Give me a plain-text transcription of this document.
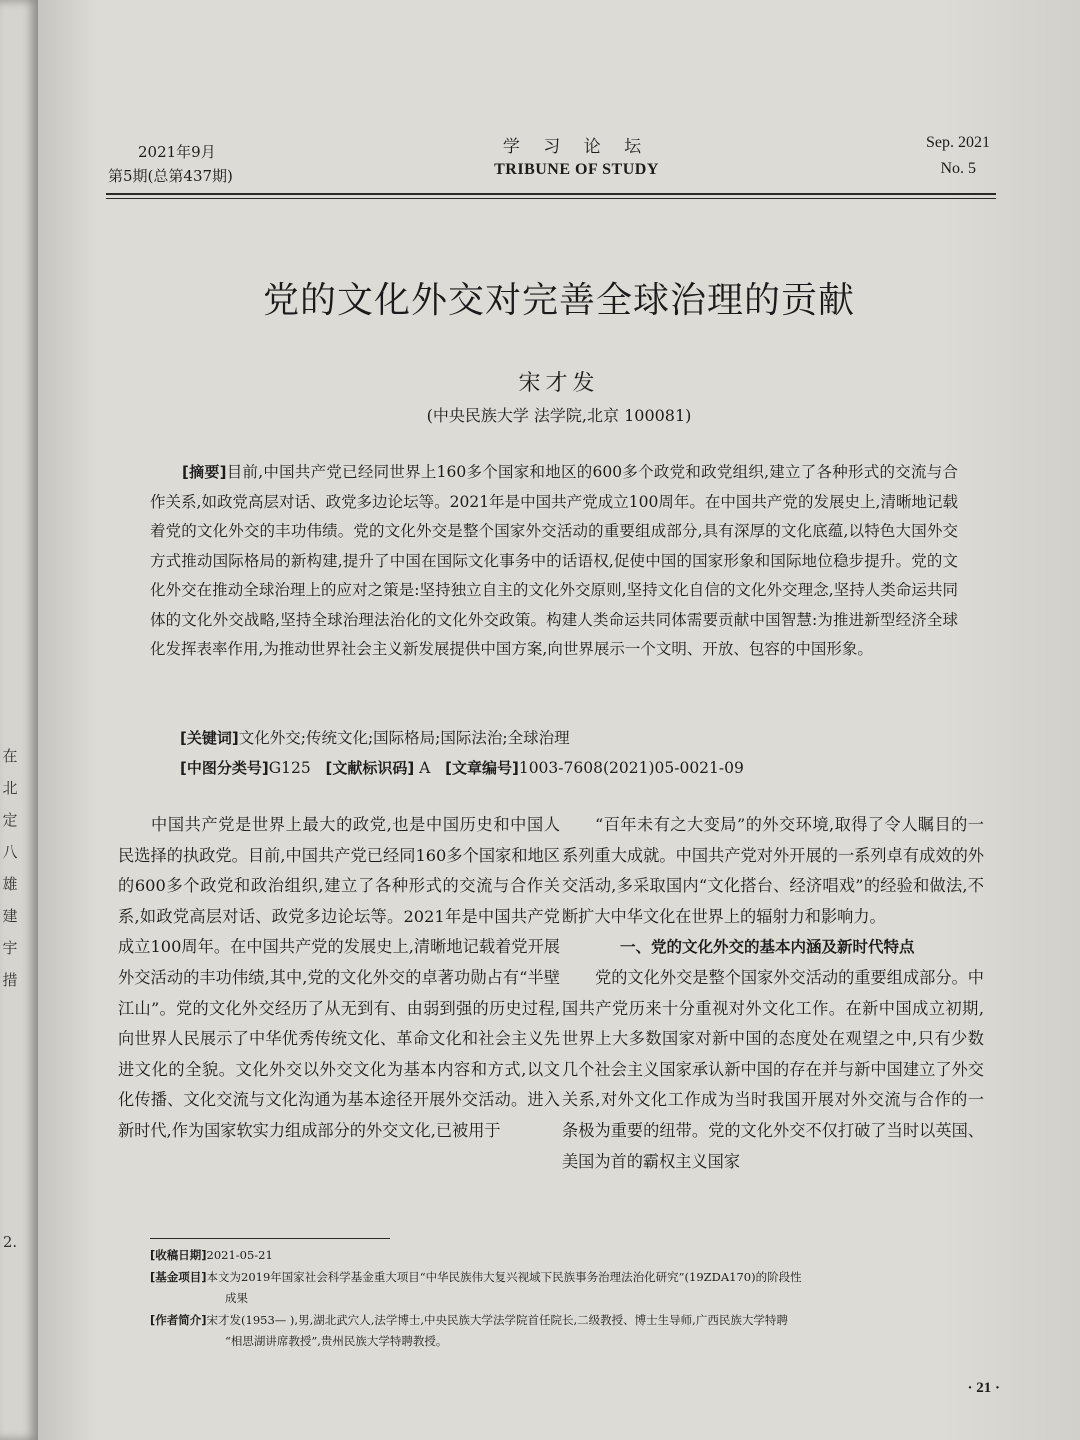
在
北
定
八
雄
建
宇
措
2.
2021年9月
第5期(总第437期)
学 习 论 坛
TRIBUNE OF STUDY
Sep. 2021
No. 5
党的文化外交对完善全球治理的贡献
宋才发
(中央民族大学 法学院,北京 100081)

[摘要]目前,中国共产党已经同世界上160多个国家和地区的600多个政党和政党组织,建立了各种形式的交流与合作关系,如政党高层对话、政党多边论坛等。2021年是中国共产党成立100周年。在中国共产党的发展史上,清晰地记载着党的文化外交的丰功伟绩。党的文化外交是整个国家外交活动的重要组成部分,具有深厚的文化底蕴,以特色大国外交方式推动国际格局的新构建,提升了中国在国际文化事务中的话语权,促使中国的国家形象和国际地位稳步提升。党的文化外交在推动全球治理上的应对之策是:坚持独立自主的文化外交原则,坚持文化自信的文化外交理念,坚持人类命运共同体的文化外交战略,坚持全球治理法治化的文化外交政策。构建人类命运共同体需要贡献中国智慧:为推进新型经济全球化发挥表率作用,为推动世界社会主义新发展提供中国方案,向世界展示一个文明、开放、包容的中国形象。

[关键词]文化外交;传统文化;国际格局;国际法治;全球治理
[中图分类号]G125 [文献标识码] A [文章编号]1003-7608(2021)05-0021-09

中国共产党是世界上最大的政党,也是中国历史和中国人民选择的执政党。目前,中国共产党已经同160多个国家和地区的600多个政党和政治组织,建立了各种形式的交流与合作关系,如政党高层对话、政党多边论坛等。2021年是中国共产党成立100周年。在中国共产党的发展史上,清晰地记载着党开展外交活动的丰功伟绩,其中,党的文化外交的卓著功勋占有“半壁江山”。党的文化外交经历了从无到有、由弱到强的历史过程,向世界人民展示了中华优秀传统文化、革命文化和社会主义先进文化的全貌。文化外交以外交文化为基本内容和方式,以文化传播、文化交流与文化沟通为基本途径开展外交活动。进入新时代,作为国家软实力组成部分的外交文化,已被用于

“百年未有之大变局”的外交环境,取得了令人瞩目的一系列重大成就。中国共产党对外开展的一系列卓有成效的外交活动,多采取国内“文化搭台、经济唱戏”的经验和做法,不断扩大中华文化在世界上的辐射力和影响力。

一、党的文化外交的基本内涵及新时代特点

党的文化外交是整个国家外交活动的重要组成部分。中国共产党历来十分重视对外文化工作。在新中国成立初期,世界上大多数国家对新中国的态度处在观望之中,只有少数几个社会主义国家承认新中国的存在并与新中国建立了外交关系,对外文化工作成为当时我国开展对外交流与合作的一条极为重要的纽带。党的文化外交不仅打破了当时以英国、美国为首的霸权主义国家

[收稿日期]2021-05-21

[基金项目]本文为2019年国家社会科学基金重大项目“中华民族伟大复兴视域下民族事务治理法治化研究”(19ZDA170)的阶段性

成果

[作者简介]宋才发(1953— ),男,湖北武穴人,法学博士,中央民族大学法学院首任院长,二级教授、博士生导师,广西民族大学特聘

“相思湖讲席教授”,贵州民族大学特聘教授。

· 21 ·
